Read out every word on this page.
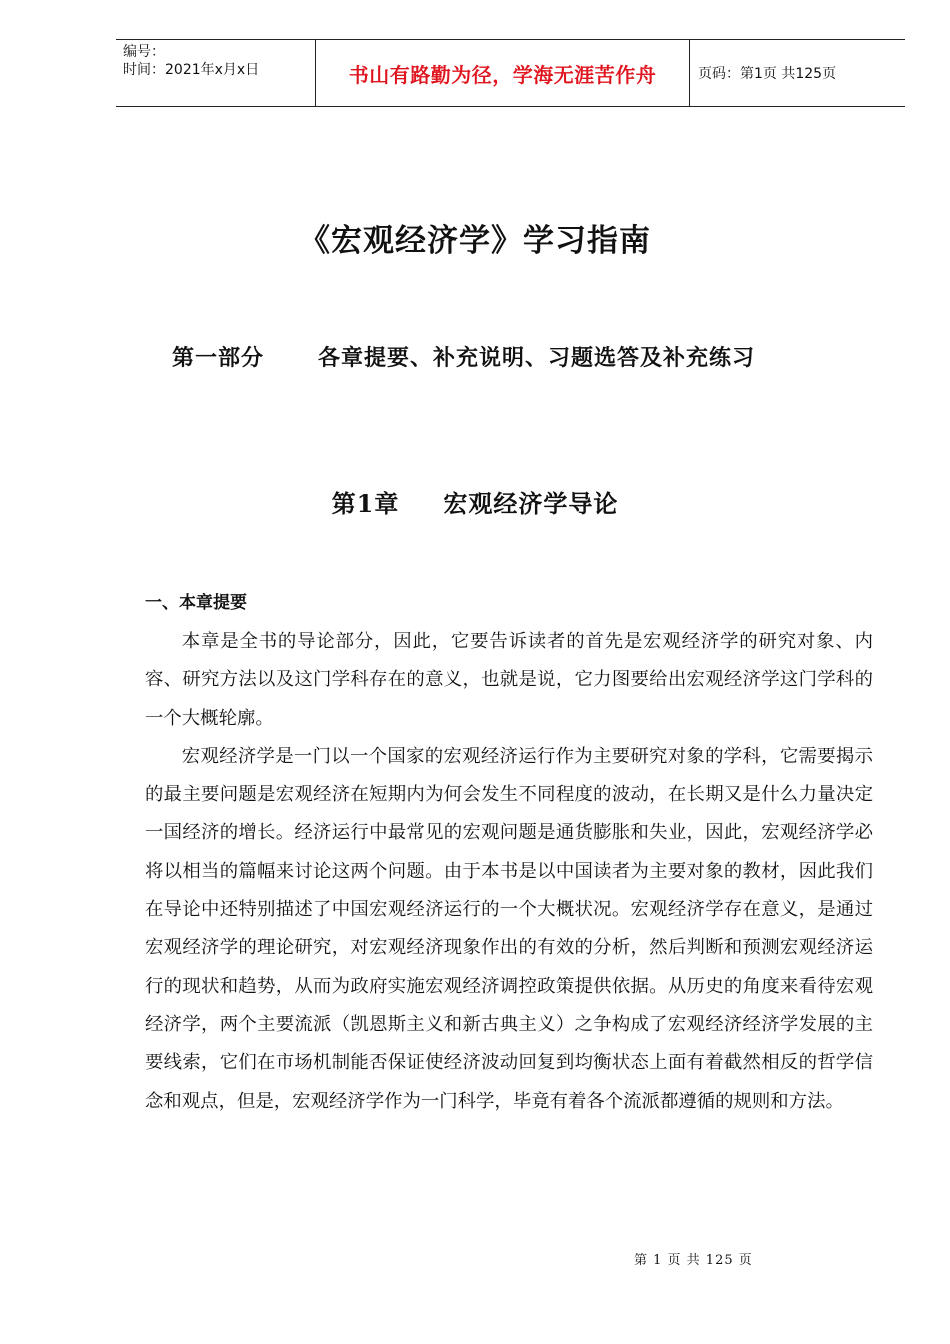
编号：
时间：2021年x月x日	书山有路勤为径，学海无涯苦作舟	页码：第1页 共125页
《宏观经济学》学习指南
第一部分 各章提要、补充说明、习题选答及补充练习
第1章 宏观经济学导论
一、本章提要

本章是全书的导论部分，因此，它要告诉读者的首先是宏观经济学的研究对象、内容、研究方法以及这门学科存在的意义，也就是说，它力图要给出宏观经济学这门学科的一个大概轮廓。

宏观经济学是一门以一个国家的宏观经济运行作为主要研究对象的学科，它需要揭示的最主要问题是宏观经济在短期内为何会发生不同程度的波动，在长期又是什么力量决定一国经济的增长。经济运行中最常见的宏观问题是通货膨胀和失业，因此，宏观经济学必将以相当的篇幅来讨论这两个问题。由于本书是以中国读者为主要对象的教材，因此我们在导论中还特别描述了中国宏观经济运行的一个大概状况。宏观经济学存在意义，是通过宏观经济学的理论研究，对宏观经济现象作出的有效的分析，然后判断和预测宏观经济运行的现状和趋势，从而为政府实施宏观经济调控政策提供依据。从历史的角度来看待宏观经济学，两个主要流派（凯恩斯主义和新古典主义）之争构成了宏观经济经济学发展的主要线索，它们在市场机制能否保证使经济波动回复到均衡状态上面有着截然相反的哲学信念和观点，但是，宏观经济学作为一门科学，毕竟有着各个流派都遵循的规则和方法。

第 1 页 共 125 页
